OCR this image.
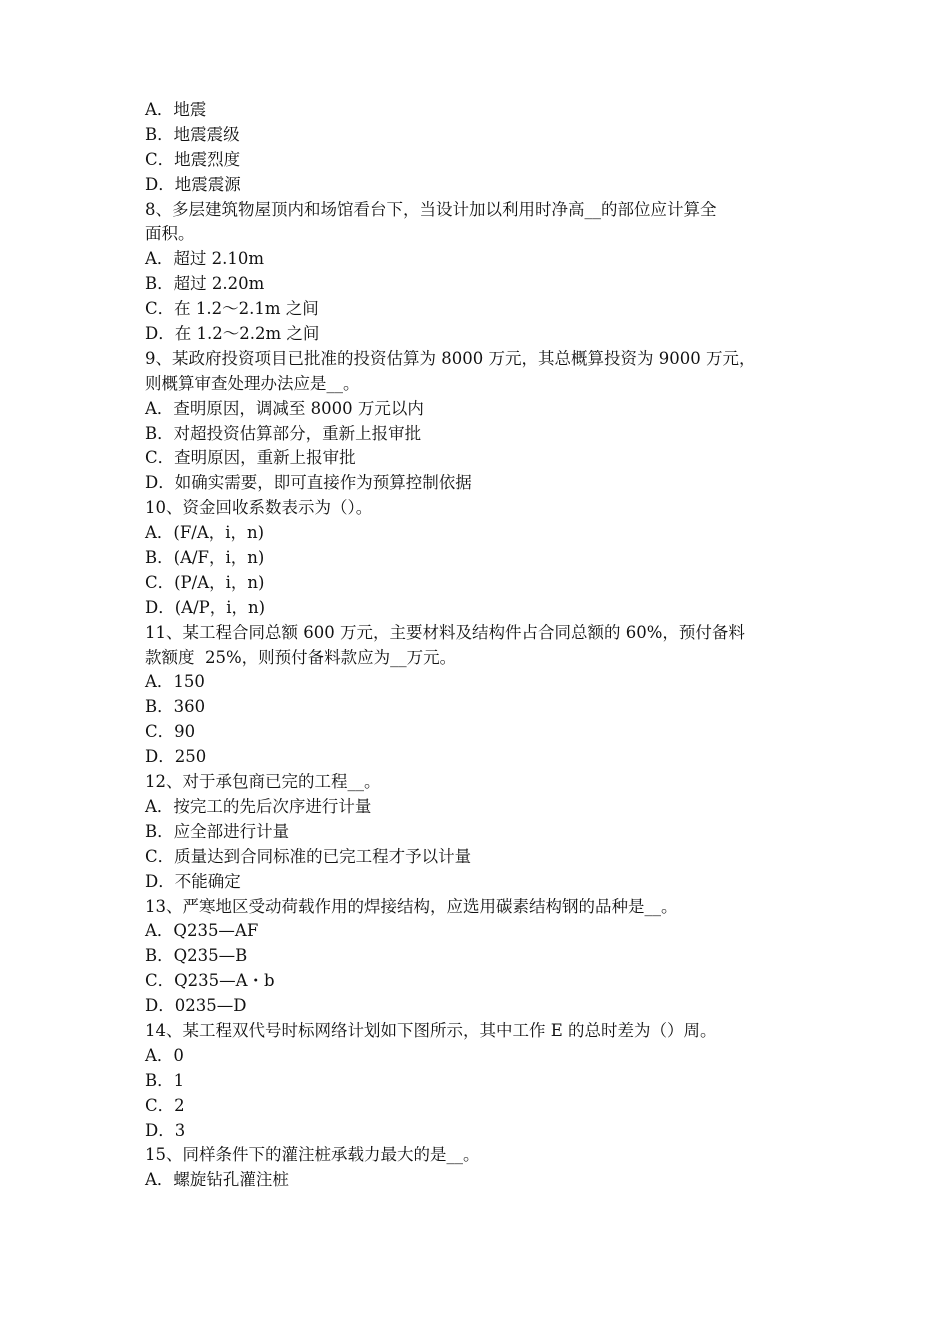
A．地震
B．地震震级
C．地震烈度
D．地震震源
8、多层建筑物屋顶内和场馆看台下，当设计加以利用时净高__的部位应计算全
面积。
A．超过 2.10m
B．超过 2.20m
C．在 1.2～2.1m 之间
D．在 1.2～2.2m 之间
9、某政府投资项目已批准的投资估算为 8000 万元，其总概算投资为 9000 万元，
则概算审查处理办法应是__。
A．查明原因，调减至 8000 万元以内
B．对超投资估算部分，重新上报审批
C．查明原因，重新上报审批
D．如确实需要，即可直接作为预算控制依据
10、资金回收系数表示为（）。
A．(F/A，i，n)
B．(A/F，i，n)
C．(P/A，i，n)
D．(A/P，i，n)
11、某工程合同总额 600 万元，主要材料及结构件占合同总额的 60%，预付备料
款额度  25%，则预付备料款应为__万元。
A．150
B．360
C．90
D．250
12、对于承包商已完的工程__。
A．按完工的先后次序进行计量
B．应全部进行计量
C．质量达到合同标准的已完工程才予以计量
D．不能确定
13、严寒地区受动荷载作用的焊接结构，应选用碳素结构钢的品种是__。
A．Q235—AF
B．Q235—B
C．Q235—A・b
D．0235—D
14、某工程双代号时标网络计划如下图所示，其中工作 E 的总时差为（）周。
A．0
B．1
C．2
D．3
15、同样条件下的灌注桩承载力最大的是__。
A．螺旋钻孔灌注桩
